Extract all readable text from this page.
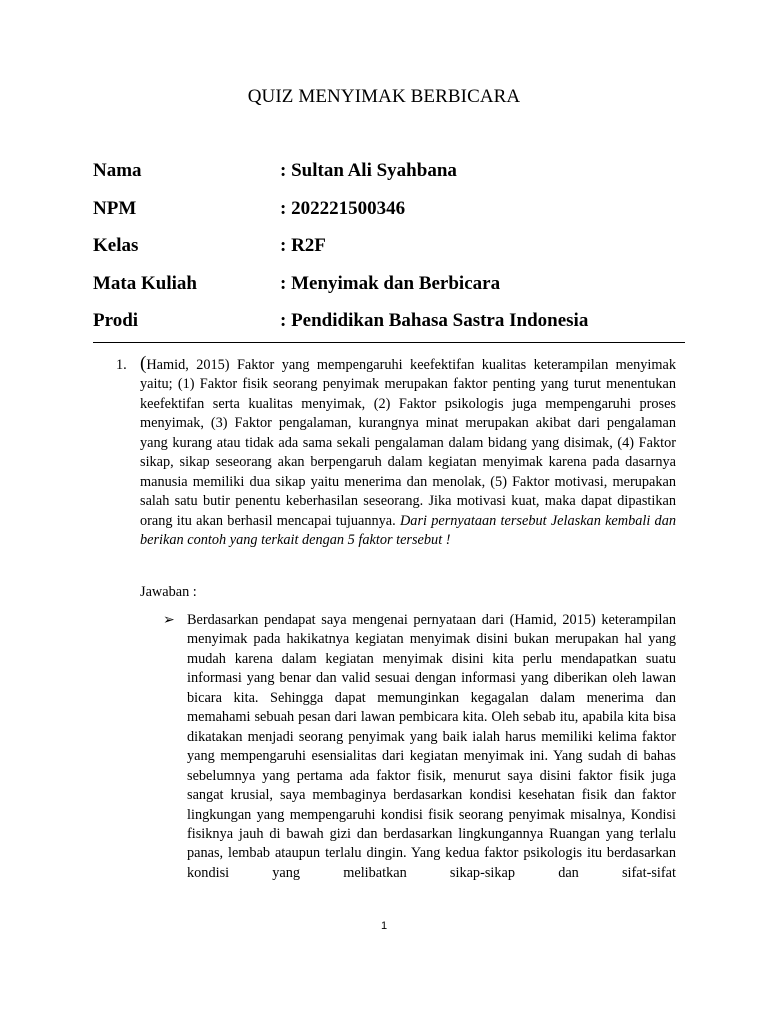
QUIZ MENYIMAK BERBICARA
Nama	: Sultan Ali Syahbana
NPM	: 202221500346
Kelas	: R2F
Mata Kuliah	: Menyimak dan Berbicara
Prodi	: Pendidikan Bahasa Sastra Indonesia
1. (Hamid, 2015) Faktor yang mempengaruhi keefektifan kualitas keterampilan menyimak yaitu; (1) Faktor fisik seorang penyimak merupakan faktor penting yang turut menentukan keefektifan serta kualitas menyimak, (2) Faktor psikologis juga mempengaruhi proses menyimak, (3) Faktor pengalaman, kurangnya minat merupakan akibat dari pengalaman yang kurang atau tidak ada sama sekali pengalaman dalam bidang yang disimak, (4) Faktor sikap, sikap seseorang akan berpengaruh dalam kegiatan menyimak karena pada dasarnya manusia memiliki dua sikap yaitu menerima dan menolak, (5) Faktor motivasi, merupakan salah satu butir penentu keberhasilan seseorang. Jika motivasi kuat, maka dapat dipastikan orang itu akan berhasil mencapai tujuannya. Dari pernyataan tersebut Jelaskan kembali dan berikan contoh yang terkait dengan 5 faktor tersebut !
Jawaban :
➢ Berdasarkan pendapat saya mengenai pernyataan dari (Hamid, 2015) keterampilan menyimak pada hakikatnya kegiatan menyimak disini bukan merupakan hal yang mudah karena dalam kegiatan menyimak disini kita perlu mendapatkan suatu informasi yang benar dan valid sesuai dengan informasi yang diberikan oleh lawan bicara kita. Sehingga dapat memunginkan kegagalan dalam menerima dan memahami sebuah pesan dari lawan pembicara kita. Oleh sebab itu, apabila kita bisa dikatakan menjadi seorang penyimak yang baik ialah harus memiliki kelima faktor yang mempengaruhi esensialitas dari kegiatan menyimak ini. Yang sudah di bahas sebelumnya yang pertama ada faktor fisik, menurut saya disini faktor fisik juga sangat krusial, saya membaginya berdasarkan kondisi kesehatan fisik dan faktor lingkungan yang mempengaruhi kondisi fisik seorang penyimak misalnya, Kondisi fisiknya jauh di bawah gizi dan berdasarkan lingkungannya Ruangan yang terlalu panas, lembab ataupun terlalu dingin. Yang kedua faktor psikologis itu berdasarkan kondisi yang melibatkan sikap-sikap dan sifat-sifat
1
